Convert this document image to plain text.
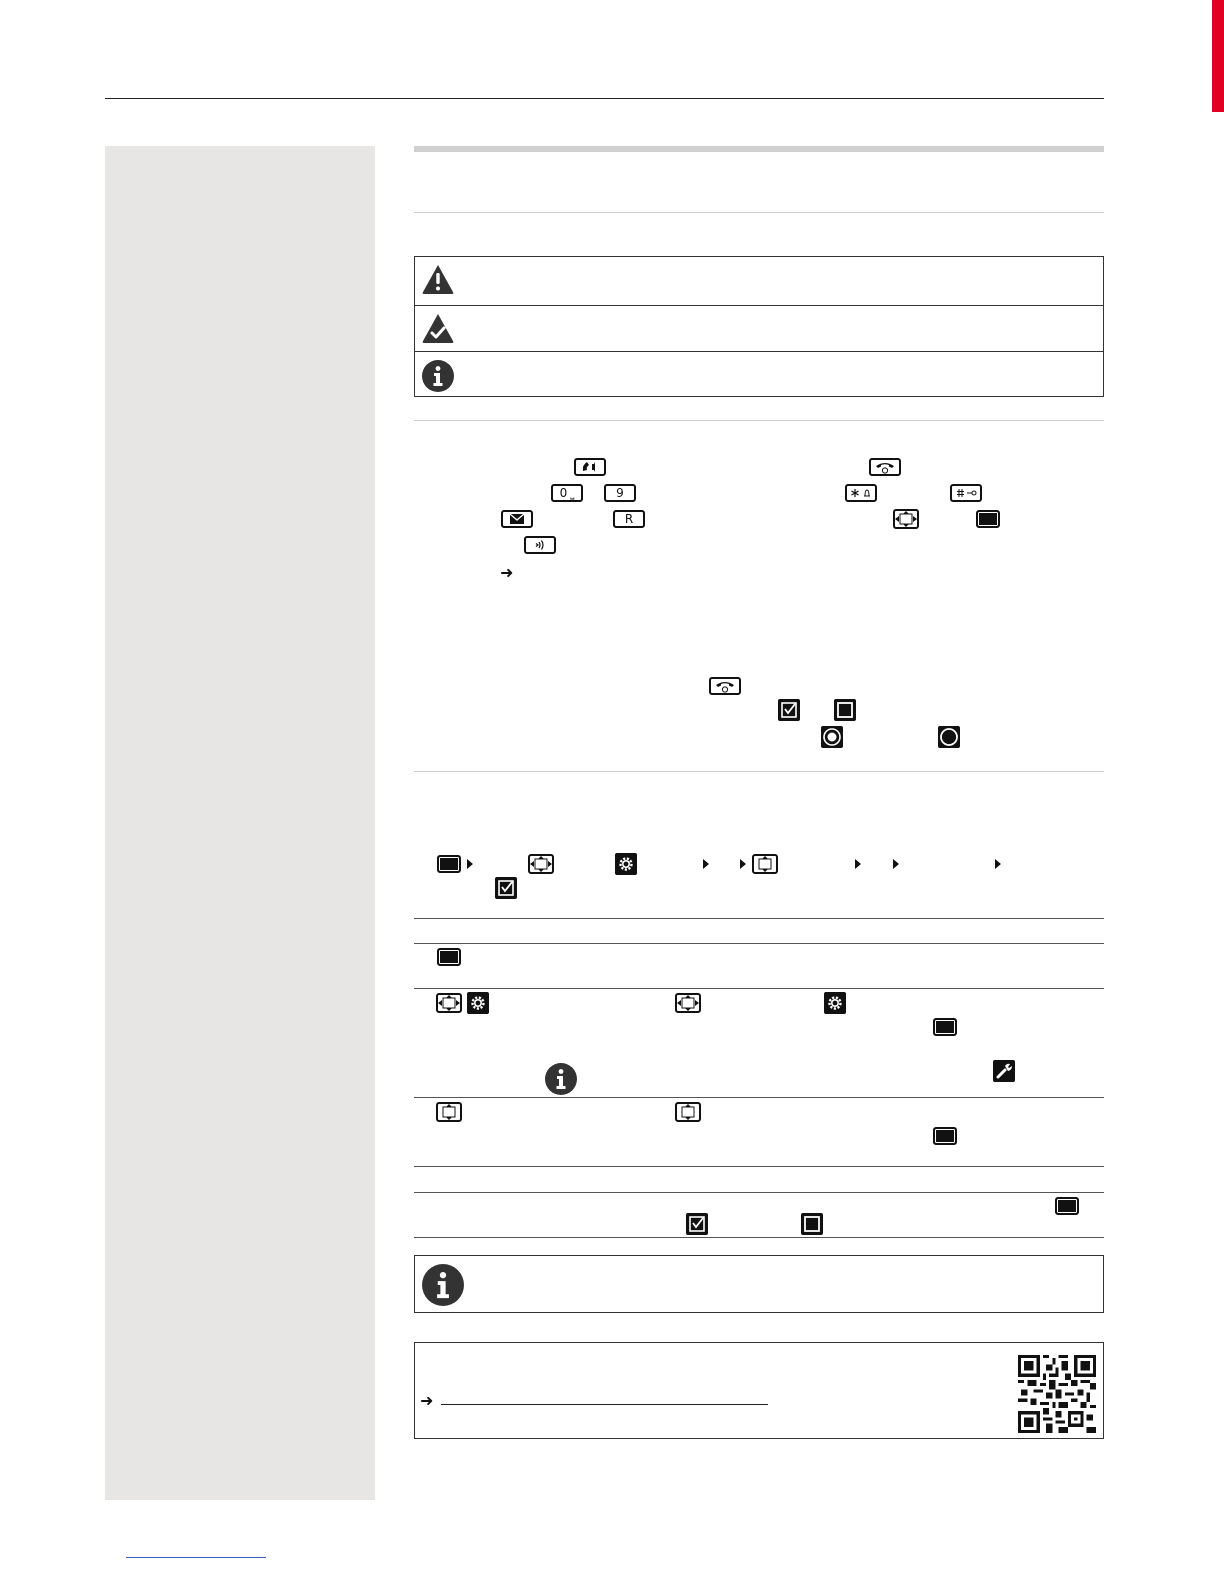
0 ⎵	9
R
➜
➜
